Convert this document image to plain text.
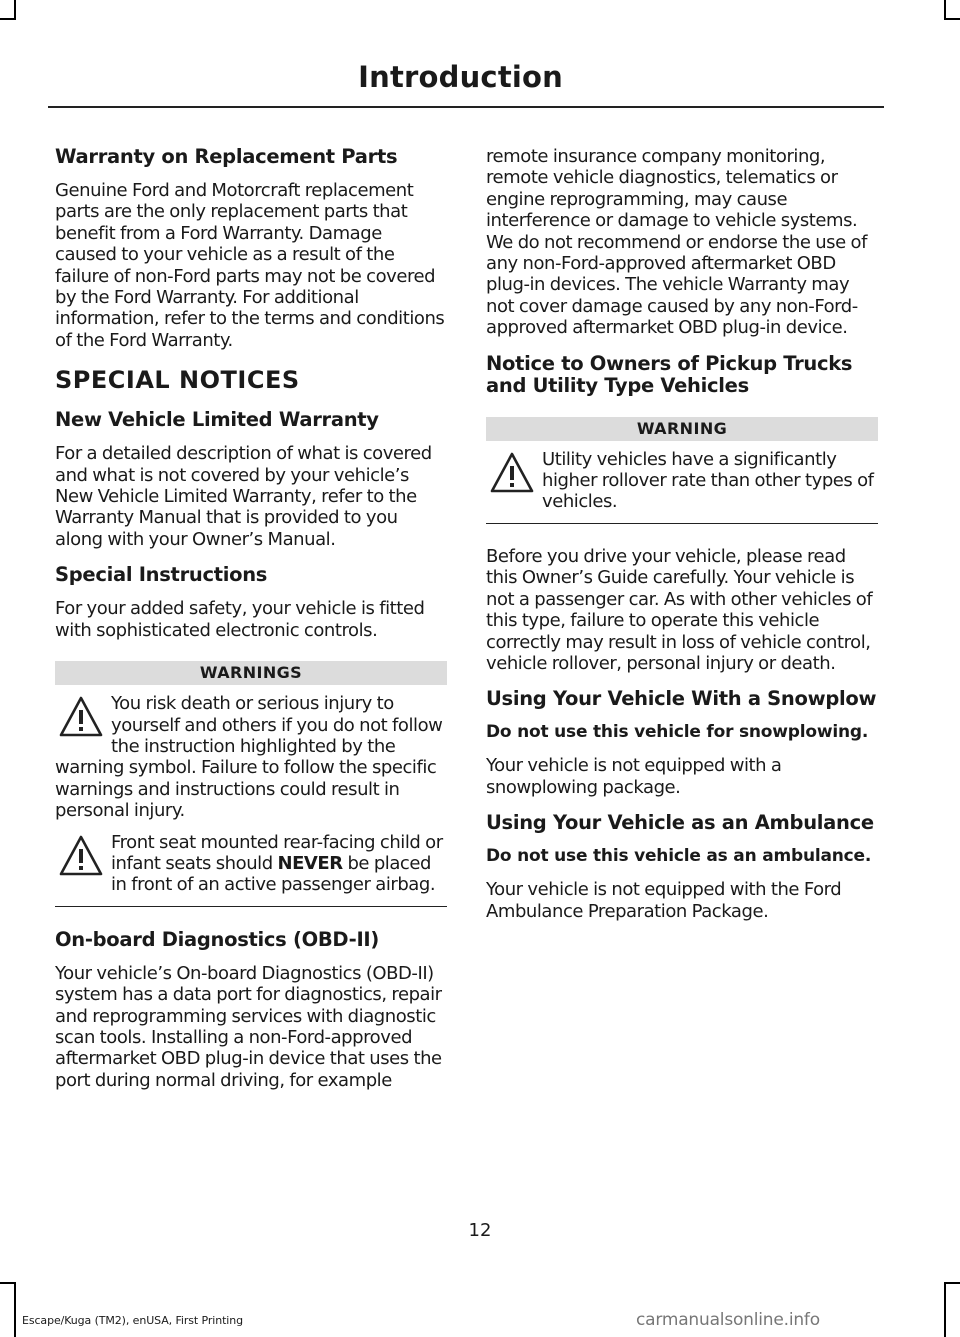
Introduction
Warranty on Replacement Parts

Genuine Ford and Motorcraft replacement parts are the only replacement parts that benefit from a Ford Warranty. Damage caused to your vehicle as a result of the failure of non-Ford parts may not be covered by the Ford Warranty. For additional information, refer to the terms and conditions of the Ford Warranty.

SPECIAL NOTICES
New Vehicle Limited Warranty

For a detailed description of what is covered and what is not covered by your vehicle’s New Vehicle Limited Warranty, refer to the Warranty Manual that is provided to you along with your Owner’s Manual.

Special Instructions

For your added safety, your vehicle is fitted with sophisticated electronic controls.

WARNINGS
You risk death or serious injury to yourself and others if you do not follow the instruction highlighted by the warning symbol. Failure to follow the specific warnings and instructions could result in personal injury.
Front seat mounted rear-facing child or infant seats should NEVER be placed in front of an active passenger airbag.
On-board Diagnostics (OBD-II)

Your vehicle’s On-board Diagnostics (OBD-II) system has a data port for diagnostics, repair and reprogramming services with diagnostic scan tools. Installing a non-Ford-approved aftermarket OBD plug-in device that uses the port during normal driving, for example

remote insurance company monitoring, remote vehicle diagnostics, telematics or engine reprogramming, may cause interference or damage to vehicle systems. We do not recommend or endorse the use of any non-Ford-approved aftermarket OBD plug-in devices. The vehicle Warranty may not cover damage caused by any non-Ford-approved aftermarket OBD plug-in device.

Notice to Owners of Pickup Trucks and Utility Type Vehicles
WARNING
Utility vehicles have a significantly higher rollover rate than other types of vehicles.

Before you drive your vehicle, please read this Owner’s Guide carefully. Your vehicle is not a passenger car. As with other vehicles of this type, failure to operate this vehicle correctly may result in loss of vehicle control, vehicle rollover, personal injury or death.

Using Your Vehicle With a Snowplow
Do not use this vehicle for snowplowing.

Your vehicle is not equipped with a snowplowing package.

Using Your Vehicle as an Ambulance
Do not use this vehicle as an ambulance.

Your vehicle is not equipped with the Ford Ambulance Preparation Package.

12
Escape/Kuga (TM2), enUSA, First Printing	carmanualsonline.info
